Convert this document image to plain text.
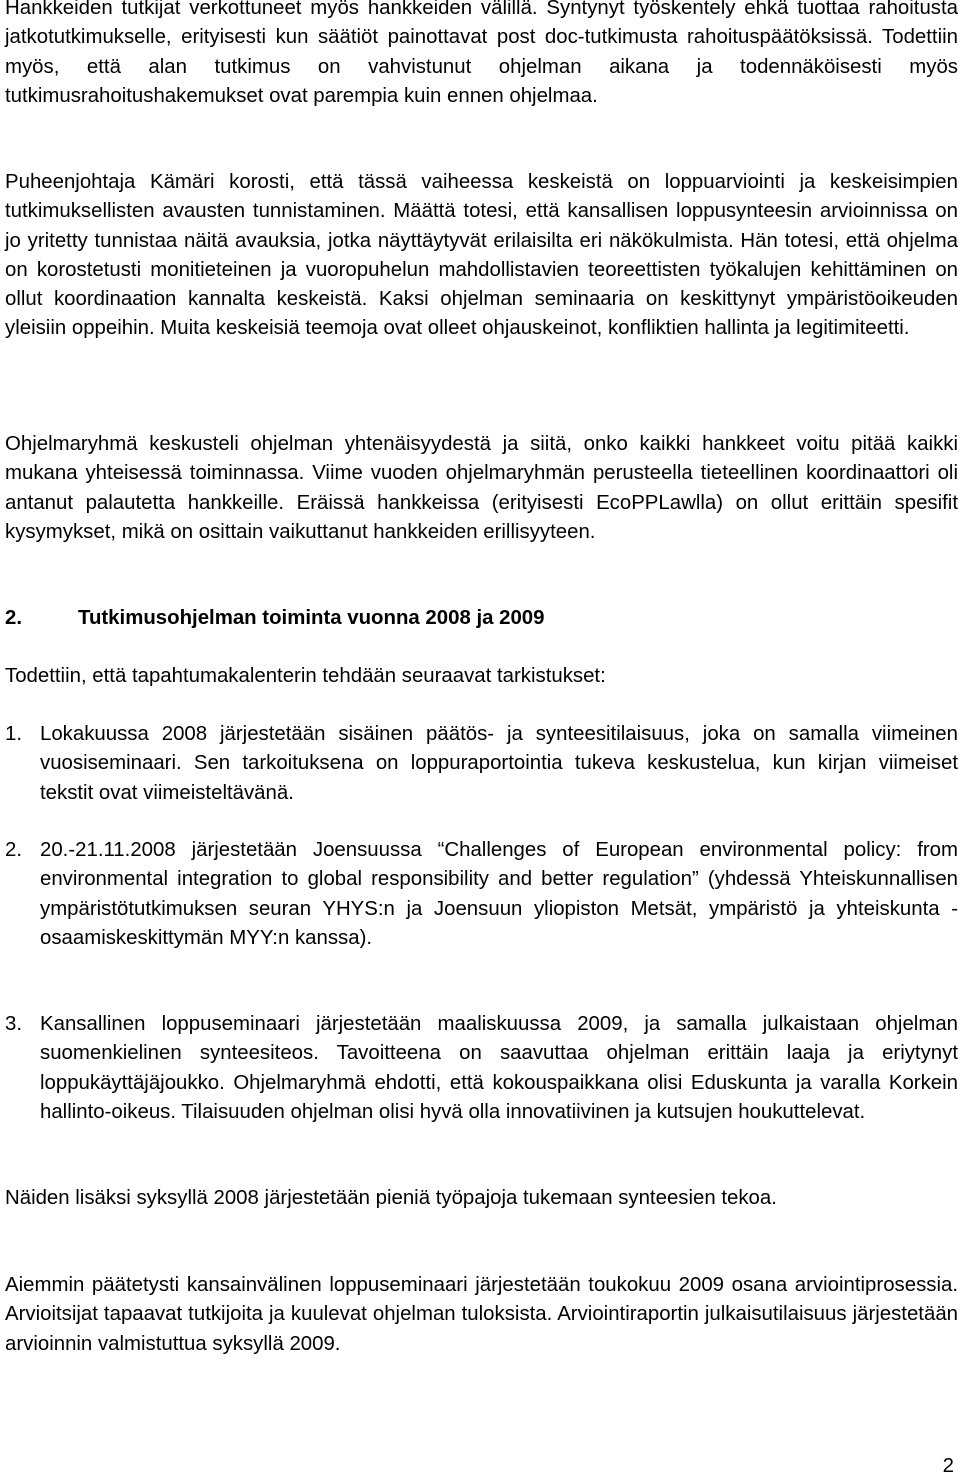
Hankkeiden tutkijat verkottuneet myös hankkeiden välillä. Syntynyt työskentely ehkä tuottaa rahoitusta jatkotutkimukselle, erityisesti kun säätiöt painottavat post doc-tutkimusta rahoituspäätöksissä. Todettiin myös, että alan tutkimus on vahvistunut ohjelman aikana ja todennäköisesti myös tutkimusrahoitushakemukset ovat parempia kuin ennen ohjelmaa.

Puheenjohtaja Kämäri korosti, että tässä vaiheessa keskeistä on loppuarviointi ja keskeisimpien tutkimuksellisten avausten tunnistaminen. Määttä totesi, että kansallisen loppusynteesin arvioinnissa on jo yritetty tunnistaa näitä avauksia, jotka näyttäytyvät erilaisilta eri näkökulmista. Hän totesi, että ohjelma on korostetusti monitieteinen ja vuoropuhelun mahdollistavien teoreettisten työkalujen kehittäminen on ollut koordinaation kannalta keskeistä. Kaksi ohjelman seminaaria on keskittynyt ympäristöoikeuden yleisiin oppeihin. Muita keskeisiä teemoja ovat olleet ohjauskeinot, konfliktien hallinta ja legitimiteetti.

Ohjelmaryhmä keskusteli ohjelman yhtenäisyydestä ja siitä, onko kaikki hankkeet voitu pitää kaikki mukana yhteisessä toiminnassa. Viime vuoden ohjelmaryhmän perusteella tieteellinen koordinaattori oli antanut palautetta hankkeille. Eräissä hankkeissa (erityisesti EcoPPLawlla) on ollut erittäin spesifit kysymykset, mikä on osittain vaikuttanut hankkeiden erillisyyteen.

2.	Tutkimusohjelman toiminta vuonna 2008 ja 2009

Todettiin, että tapahtumakalenterin tehdään seuraavat tarkistukset:

1. Lokakuussa 2008 järjestetään sisäinen päätös- ja synteesitilaisuus, joka on samalla viimeinen vuosiseminaari. Sen tarkoituksena on loppuraportointia tukeva keskustelua, kun kirjan viimeiset tekstit ovat viimeisteltävänä.
2. 20.-21.11.2008 järjestetään Joensuussa “Challenges of European environmental policy: from environmental integration to global responsibility and better regulation” (yhdessä Yhteiskunnallisen ympäristötutkimuksen seuran YHYS:n ja Joensuun yliopiston Metsät, ympäristö ja yhteiskunta -osaamiskeskittymän MYY:n kanssa).
3. Kansallinen loppuseminaari järjestetään maaliskuussa 2009, ja samalla julkaistaan ohjelman suomenkielinen synteesiteos. Tavoitteena on saavuttaa ohjelman erittäin laaja ja eriytynyt loppukäyttäjäjoukko. Ohjelmaryhmä ehdotti, että kokouspaikkana olisi Eduskunta ja varalla Korkein hallinto-oikeus. Tilaisuuden ohjelman olisi hyvä olla innovatiivinen ja kutsujen houkuttelevat.

Näiden lisäksi syksyllä 2008 järjestetään pieniä työpajoja tukemaan synteesien tekoa.

Aiemmin päätetysti kansainvälinen loppuseminaari järjestetään toukokuu 2009 osana arviointiprosessia. Arvioitsijat tapaavat tutkijoita ja kuulevat ohjelman tuloksista. Arviointiraportin julkaisutilaisuus järjestetään arvioinnin valmistuttua syksyllä 2009.

2
